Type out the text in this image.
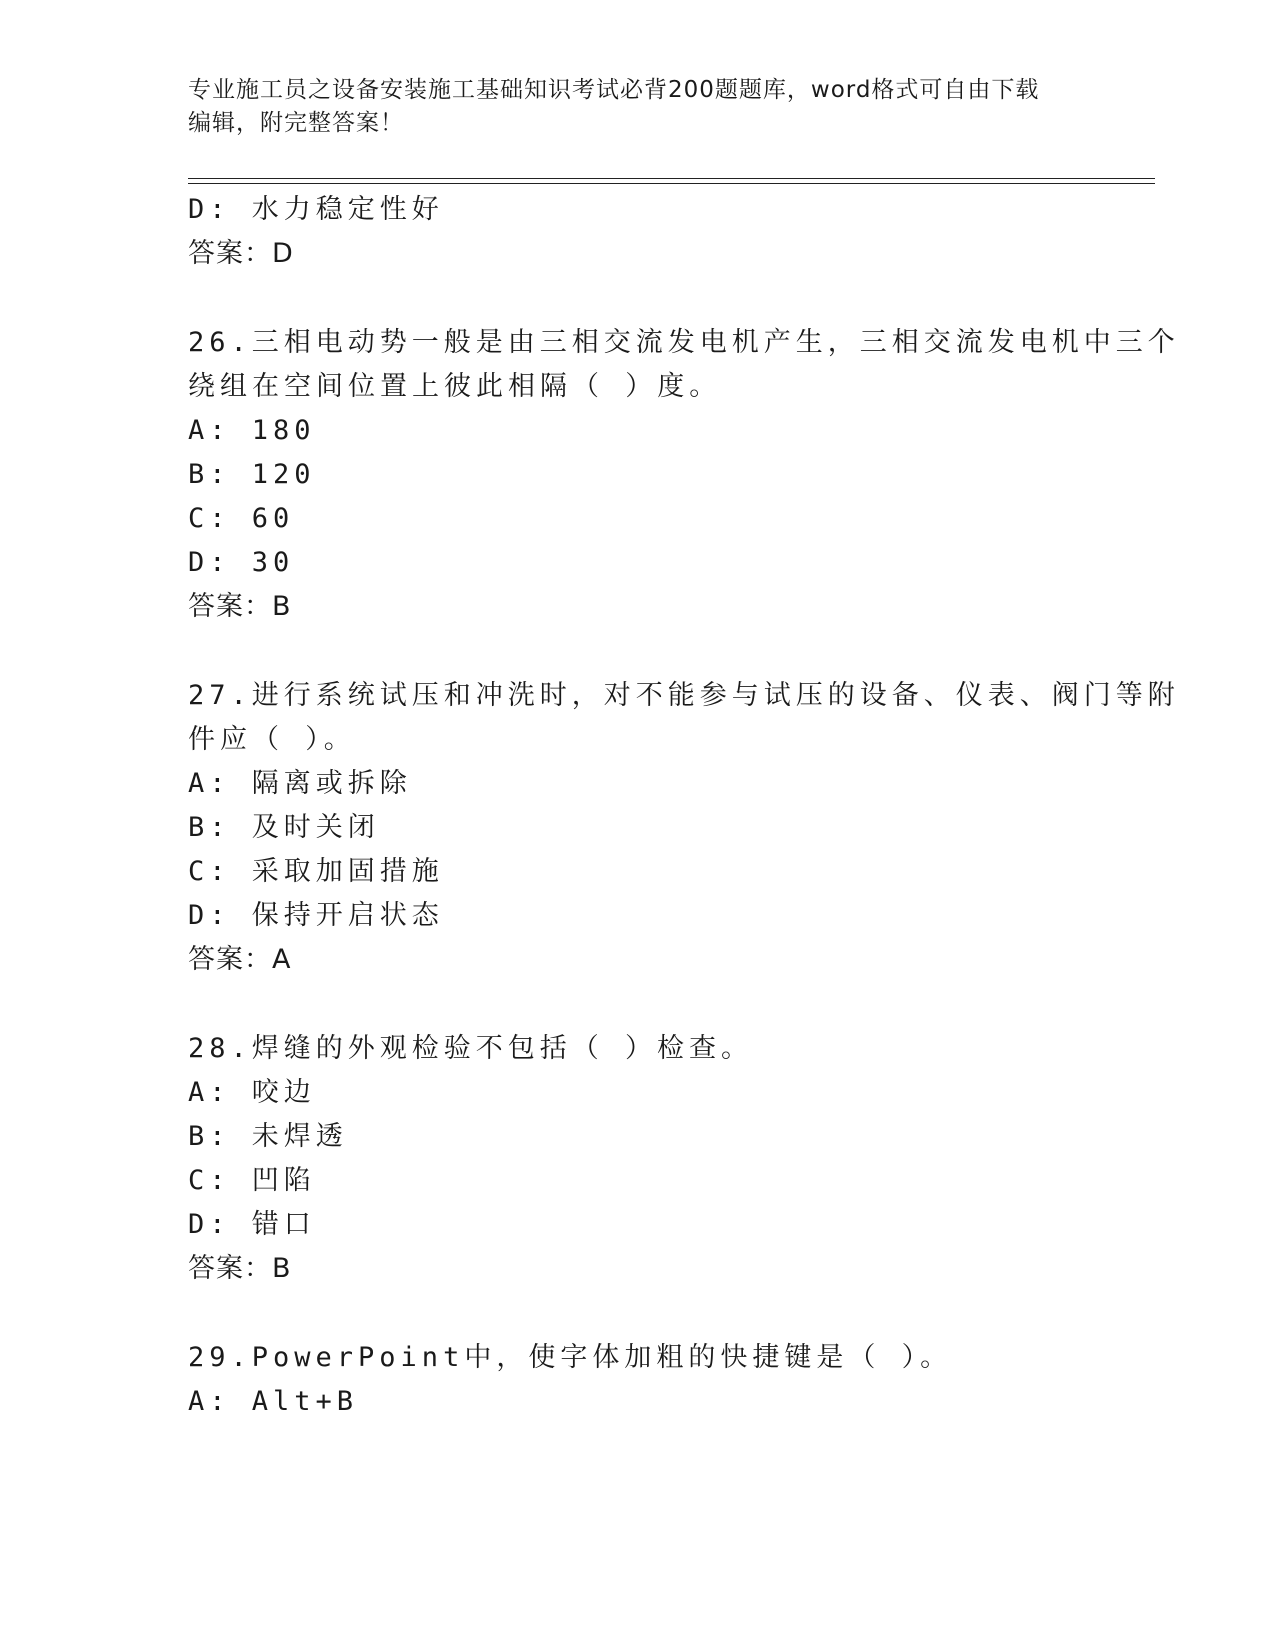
专业施工员之设备安装施工基础知识考试必背200题题库，word格式可自由下载
编辑，附完整答案！
D: 水力稳定性好
答案：D
26.三相电动势一般是由三相交流发电机产生，三相交流发电机中三个
绕组在空间位置上彼此相隔（ ）度。
A: 180
B: 120
C: 60
D: 30
答案：B
27.进行系统试压和冲洗时，对不能参与试压的设备、仪表、阀门等附
件应（ ）。
A: 隔离或拆除
B: 及时关闭
C: 采取加固措施
D: 保持开启状态
答案：A
28.焊缝的外观检验不包括（ ）检查。
A: 咬边
B: 未焊透
C: 凹陷
D: 错口
答案：B
29.PowerPoint中，使字体加粗的快捷键是（ ）。
A: Alt+B
